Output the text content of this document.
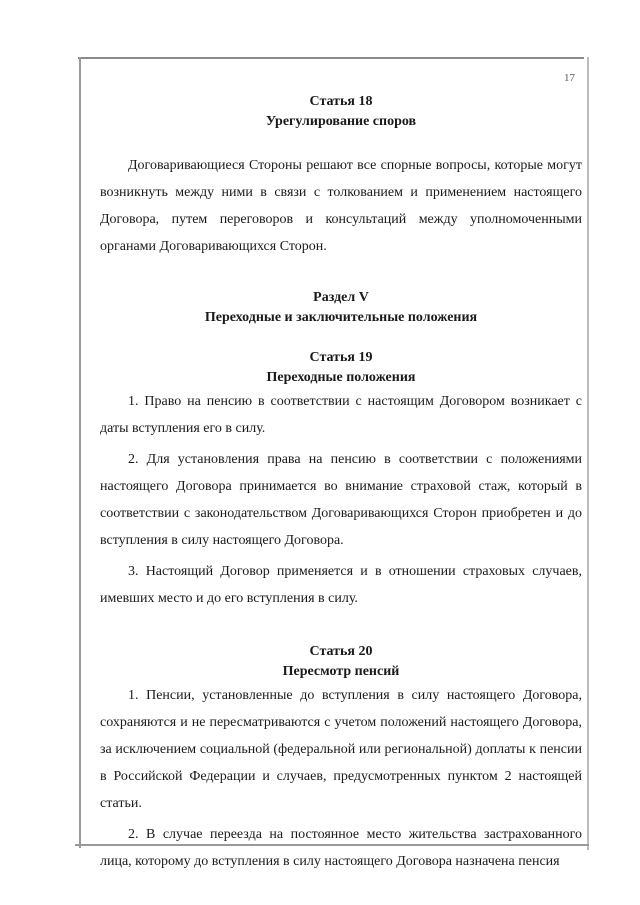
17
Статья 18
Урегулирование споров

Договаривающиеся Стороны решают все спорные вопросы, которые могут возникнуть между ними в связи с толкованием и применением настоящего Договора, путем переговоров и консультаций между уполномоченными органами Договаривающихся Сторон.

Раздел V
Переходные и заключительные положения
Статья 19
Переходные положения

1. Право на пенсию в соответствии с настоящим Договором возникает с даты вступления его в силу.

2. Для установления права на пенсию в соответствии с положениями настоящего Договора принимается во внимание страховой стаж, который в соответствии с законодательством Договаривающихся Сторон приобретен и до вступления в силу настоящего Договора.

3. Настоящий Договор применяется и в отношении страховых случаев, имевших место и до его вступления в силу.

Статья 20
Пересмотр пенсий

1. Пенсии, установленные до вступления в силу настоящего Договора, сохраняются и не пересматриваются с учетом положений настоящего Договора, за исключением социальной (федеральной или региональной) доплаты к пенсии в Российской Федерации и случаев, предусмотренных пунктом 2 настоящей статьи.

2. В случае переезда на постоянное место жительства застрахованного лица, которому до вступления в силу настоящего Договора назначена пенсия
